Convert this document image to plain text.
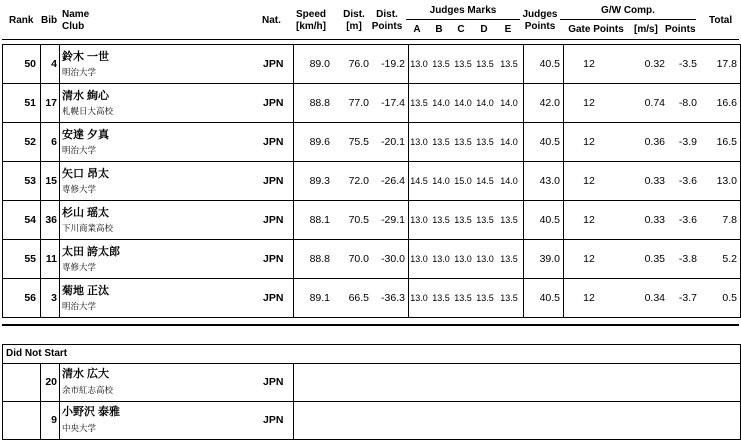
Rank Bib
Name
Club
Nat.
Speed
[km/h]
Dist.
[m]
Dist.
Points
Judges Marks
A	B	C	D	E
Judges
Points
G/W Comp.
Gate Points	[m/s] Points
Total
50	4
鈴木 一世
明治大学
JPN	89.0	76.0	-19.2 13.0 13.5 13.5 13.5 13.5	40.5	12	0.32	-3.5	17.8
51 17
清水 絢心
札幌日大高校
JPN	88.8	77.0	-17.4 13.5 14.0 14.0 14.0 14.0	42.0	12	0.74	-8.0	16.6
52	6
安達 夕真
明治大学
JPN	89.6	75.5	-20.1 13.0 13.5 13.5 13.5 14.0	40.5	12	0.36	-3.9	16.5
53 15
矢口 昂太
専修大学
JPN	89.3	72.0	-26.4 14.5 14.0 15.0 14.5 14.0	43.0	12	0.33	-3.6	13.0
54 36
杉山 瑶太
下川商業高校
JPN	88.1	70.5	-29.1 13.0 13.5 13.5 13.5 13.5	40.5	12	0.33	-3.6	7.8
55 11
太田 誇太郎
専修大学
JPN	88.8	70.0	-30.0 13.0 13.0 13.0 13.0 13.5	39.0	12	0.35	-3.8	5.2
56	3
菊地 正汰
明治大学
JPN	89.1	66.5	-36.3 13.0 13.5 13.5 13.5 13.5	40.5	12	0.34	-3.7	0.5
Did Not Start
20
清水 広大
余市紅志高校
JPN
9
小野沢 泰雅
中央大学
JPN
